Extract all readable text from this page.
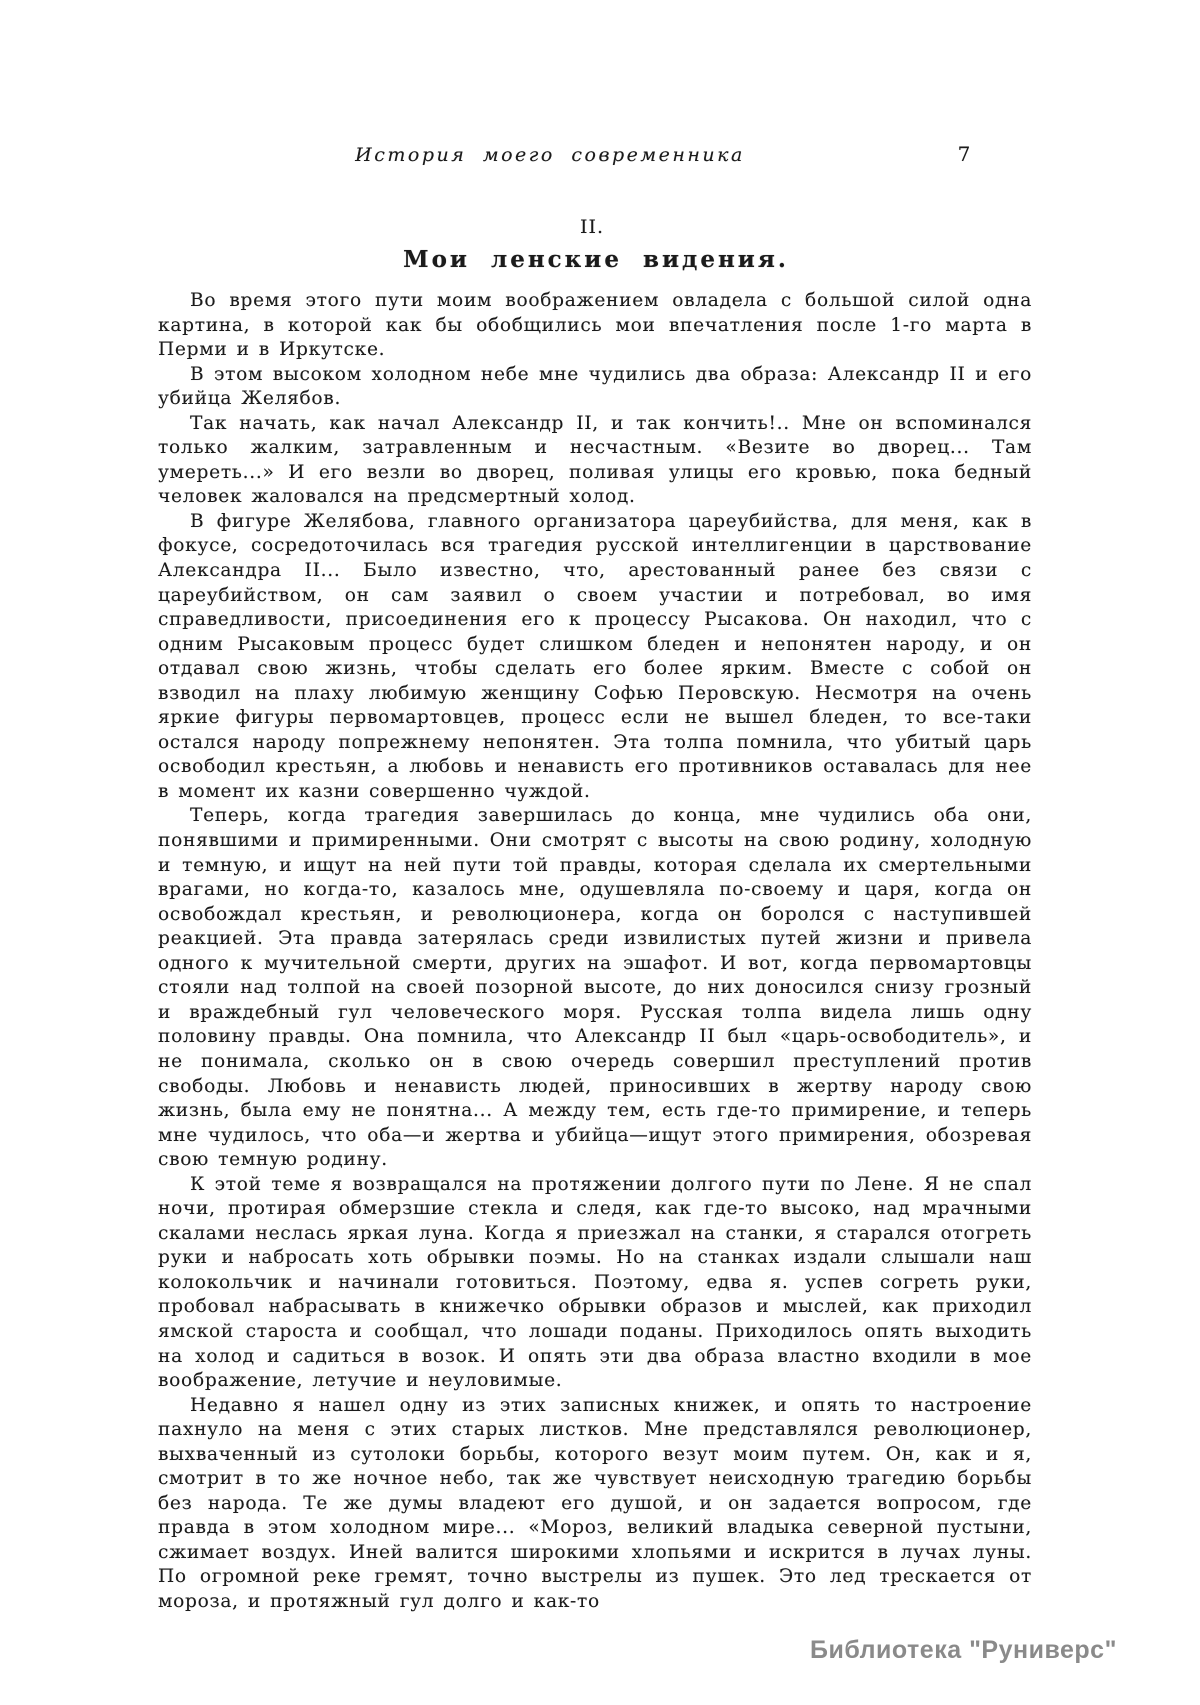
История моего современника	7
II.
Мои ленские видения.

Во время этого пути моим воображением овладела с большой силой одна картина, в которой как бы обобщились мои впечатления после 1-го марта в Перми и в Иркутске.

В этом высоком холодном небе мне чудились два образа: Александр II и его убийца Желябов.

Так начать, как начал Александр II, и так кончить!.. Мне он вспоминался только жалким, затравленным и несчастным. «Везите во дворец... Там умереть...» И его везли во дворец, поливая улицы его кровью, пока бедный человек жаловался на предсмертный холод.

В фигуре Желябова, главного организатора цареубийства, для меня, как в фокусе, сосредоточилась вся трагедия русской интеллигенции в царствование Александра II... Было известно, что, арестованный ранее без связи с цареубийством, он сам заявил о своем участии и потребовал, во имя справедливости, присоединения его к процессу Рысакова. Он находил, что с одним Рысаковым процесс будет слишком бледен и непонятен народу, и он отдавал свою жизнь, чтобы сделать его более ярким. Вместе с собой он взводил на плаху любимую женщину Софью Перовскую. Несмотря на очень яркие фигуры первомартовцев, процесс если не вышел бледен, то все-таки остался народу попрежнему непонятен. Эта толпа помнила, что убитый царь освободил крестьян, а любовь и ненависть его противников оставалась для нее в момент их казни совершенно чуждой.

Теперь, когда трагедия завершилась до конца, мне чудились оба они, понявшими и примиренными. Они смотрят с высоты на свою родину, холодную и темную, и ищут на ней пути той правды, которая сделала их смертельными врагами, но когда-то, казалось мне, одушевляла по-своему и царя, когда он освобождал крестьян, и революционера, когда он боролся с наступившей реакцией. Эта правда затерялась среди извилистых путей жизни и привела одного к мучительной смерти, других на эшафот. И вот, когда первомартовцы стояли над толпой на своей позорной высоте, до них доносился снизу грозный и враждебный гул человеческого моря. Русская толпа видела лишь одну половину правды. Она помнила, что Александр II был «царь-освободитель», и не понимала, сколько он в свою очередь совершил преступлений против свободы. Любовь и ненависть людей, приносивших в жертву народу свою жизнь, была ему не понятна... А между тем, есть где-то примирение, и теперь мне чудилось, что оба—и жертва и убийца—ищут этого примирения, обозревая свою темную родину.

К этой теме я возвращался на протяжении долгого пути по Лене. Я не спал ночи, протирая обмерзшие стекла и следя, как где-то высоко, над мрачными скалами неслась яркая луна. Когда я приезжал на станки, я старался отогреть руки и набросать хоть обрывки поэмы. Но на станках издали слышали наш колокольчик и начинали готовиться. Поэтому, едва я. успев согреть руки, пробовал набрасывать в книжечко обрывки образов и мыслей, как приходил ямской староста и сообщал, что лошади поданы. Приходилось опять выходить на холод и садиться в возок. И опять эти два образа властно входили в мое воображение, летучие и неуловимые.

Недавно я нашел одну из этих записных книжек, и опять то настроение пахнуло на меня с этих старых листков. Мне представлялся революционер, выхваченный из сутолоки борьбы, которого везут моим путем. Он, как и я, смотрит в то же ночное небо, так же чувствует неисходную трагедию борьбы без народа. Те же думы владеют его душой, и он задается вопросом, где правда в этом холодном мире... «Мороз, великий владыка северной пустыни, сжимает воздух. Иней валится широкими хлопьями и искрится в лучах луны. По огромной реке гремят, точно выстрелы из пушек. Это лед трескается от мороза, и протяжный гул долго и как-то

Библиотека "Руниверс"
